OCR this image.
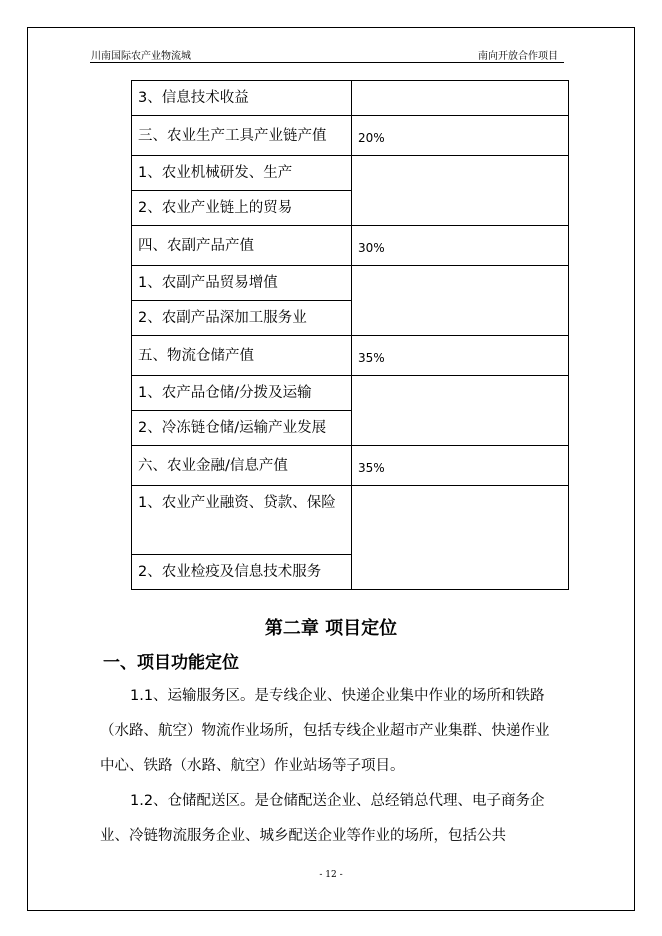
川南国际农产业物流城	南向开放合作项目
3、信息技术收益	
三、农业生产工具产业链产值	20%
1、农业机械研发、生产	
2、农业产业链上的贸易	
四、农副产品产值	30%
1、农副产品贸易增值	
2、农副产品深加工服务业	
五、物流仓储产值	35%
1、农产品仓储/分拨及运输	
2、冷冻链仓储/运输产业发展	
六、农业金融/信息产值	35%
1、农业产业融资、贷款、保险	
2、农业检疫及信息技术服务	
第二章 项目定位
一、项目功能定位
1.1、运输服务区。是专线企业、快递企业集中作业的场所和铁路（水路、航空）物流作业场所，包括专线企业超市产业集群、快递作业中心、铁路（水路、航空）作业站场等子项目。
1.2、仓储配送区。是仓储配送企业、总经销总代理、电子商务企业、冷链物流服务企业、城乡配送企业等作业的场所，包括公共
- 12 -
